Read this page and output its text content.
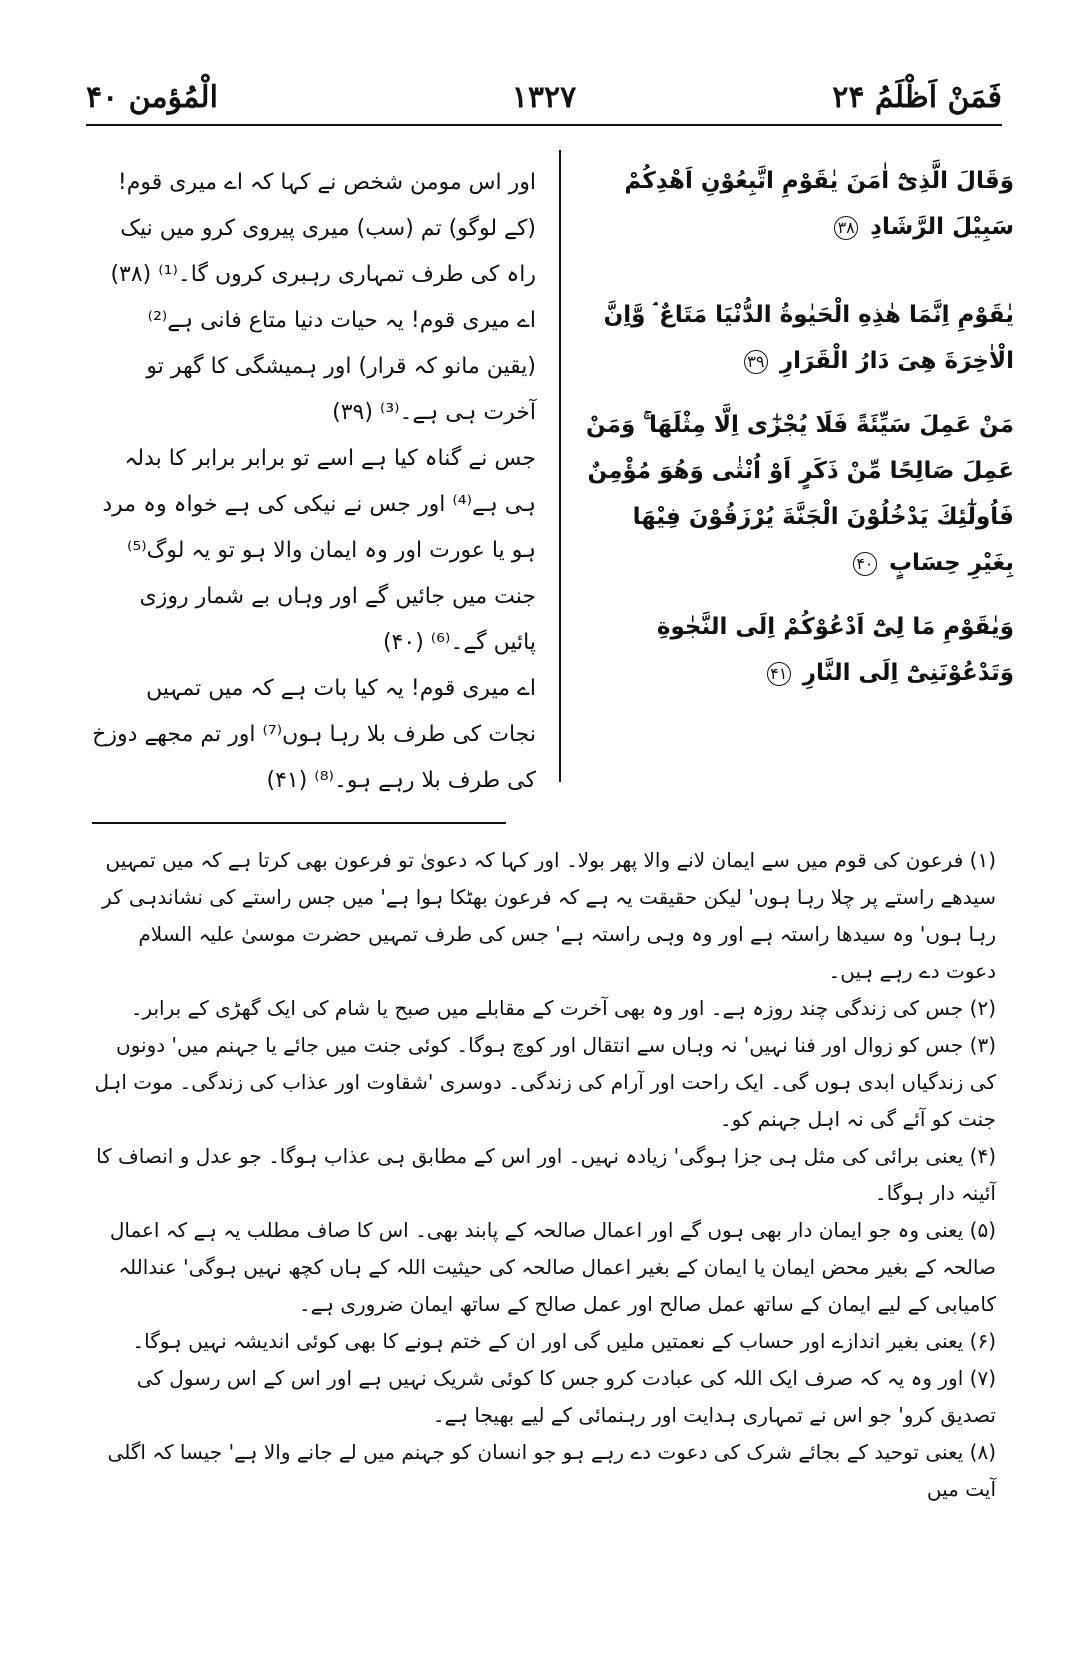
فَمَنْ اَظْلَمُ ۲۴
۱۳۲۷
الْمُؤمن ۴۰
وَقَالَ الَّذِیْٓ اٰمَنَ یٰقَوْمِ اتَّبِعُوْنِ اَهْدِكُمْ سَبِیْلَ الرَّشَادِ ۳۸
یٰقَوْمِ اِنَّمَا هٰذِهِ الْحَیٰوةُ الدُّنْیَا مَتَاعٌ ۘ وَّاِنَّ الْاٰخِرَةَ هِیَ دَارُ الْقَرَارِ ۳۹
مَنْ عَمِلَ سَیِّئَةً فَلَا یُجْزٰٓی اِلَّا مِثْلَهَا ۚ وَمَنْ عَمِلَ صَالِحًا مِّنْ ذَكَرٍ اَوْ اُنْثٰى وَهُوَ مُؤْمِنٌ فَاُولٰٓئِكَ یَدْخُلُوْنَ الْجَنَّةَ یُرْزَقُوْنَ فِیْهَا بِغَیْرِ حِسَابٍ ۴۰
وَیٰقَوْمِ مَا لِیْٓ اَدْعُوْكُمْ اِلَى النَّجٰوةِ وَتَدْعُوْنَنِیْٓ اِلَى النَّارِ ۴۱
اور اس مومن شخص نے کہا کہ اے میری قوم! (کے لوگو) تم (سب) میری پیروی کرو میں نیک راہ کی طرف تمہاری رہبری کروں گا۔⁽¹⁾ (۳۸)
اے میری قوم! یہ حیات دنیا متاع فانی ہے⁽²⁾ (یقین مانو کہ قرار) اور ہمیشگی کا گھر تو آخرت ہی ہے۔⁽³⁾ (۳۹)
جس نے گناہ کیا ہے اسے تو برابر برابر کا بدلہ ہی ہے⁽⁴⁾ اور جس نے نیکی کی ہے خواہ وہ مرد ہو یا عورت اور وہ ایمان والا ہو تو یہ لوگ⁽⁵⁾ جنت میں جائیں گے اور وہاں بے شمار روزی پائیں گے۔⁽⁶⁾ (۴۰)
اے میری قوم! یہ کیا بات ہے کہ میں تمہیں نجات کی طرف بلا رہا ہوں⁽⁷⁾ اور تم مجھے دوزخ کی طرف بلا رہے ہو۔⁽⁸⁾ (۴۱)

(۱) فرعون کی قوم میں سے ایمان لانے والا پھر بولا۔ اور کہا کہ دعویٰ تو فرعون بھی کرتا ہے کہ میں تمہیں سیدھے راستے پر چلا رہا ہوں' لیکن حقیقت یہ ہے کہ فرعون بھٹکا ہوا ہے' میں جس راستے کی نشاندہی کر رہا ہوں' وہ سیدھا راستہ ہے اور وہ وہی راستہ ہے' جس کی طرف تمہیں حضرت موسیٰ علیہ السلام دعوت دے رہے ہیں۔

(۲) جس کی زندگی چند روزہ ہے۔ اور وہ بھی آخرت کے مقابلے میں صبح یا شام کی ایک گھڑی کے برابر۔

(۳) جس کو زوال اور فنا نہیں' نہ وہاں سے انتقال اور کوچ ہوگا۔ کوئی جنت میں جائے یا جہنم میں' دونوں کی زندگیاں ابدی ہوں گی۔ ایک راحت اور آرام کی زندگی۔ دوسری 'شقاوت اور عذاب کی زندگی۔ موت اہل جنت کو آئے گی نہ اہل جہنم کو۔

(۴) یعنی برائی کی مثل ہی جزا ہوگی' زیادہ نہیں۔ اور اس کے مطابق ہی عذاب ہوگا۔ جو عدل و انصاف کا آئینہ دار ہوگا۔

(۵) یعنی وہ جو ایمان دار بھی ہوں گے اور اعمال صالحہ کے پابند بھی۔ اس کا صاف مطلب یہ ہے کہ اعمال صالحہ کے بغیر محض ایمان یا ایمان کے بغیر اعمال صالحہ کی حیثیت اللہ کے ہاں کچھ نہیں ہوگی' عنداللہ کامیابی کے لیے ایمان کے ساتھ عمل صالح اور عمل صالح کے ساتھ ایمان ضروری ہے۔

(۶) یعنی بغیر اندازے اور حساب کے نعمتیں ملیں گی اور ان کے ختم ہونے کا بھی کوئی اندیشہ نہیں ہوگا۔

(۷) اور وہ یہ کہ صرف ایک اللہ کی عبادت کرو جس کا کوئی شریک نہیں ہے اور اس کے اس رسول کی تصدیق کرو' جو اس نے تمہاری ہدایت اور رہنمائی کے لیے بھیجا ہے۔

(۸) یعنی توحید کے بجائے شرک کی دعوت دے رہے ہو جو انسان کو جہنم میں لے جانے والا ہے' جیسا کہ اگلی آیت میں
